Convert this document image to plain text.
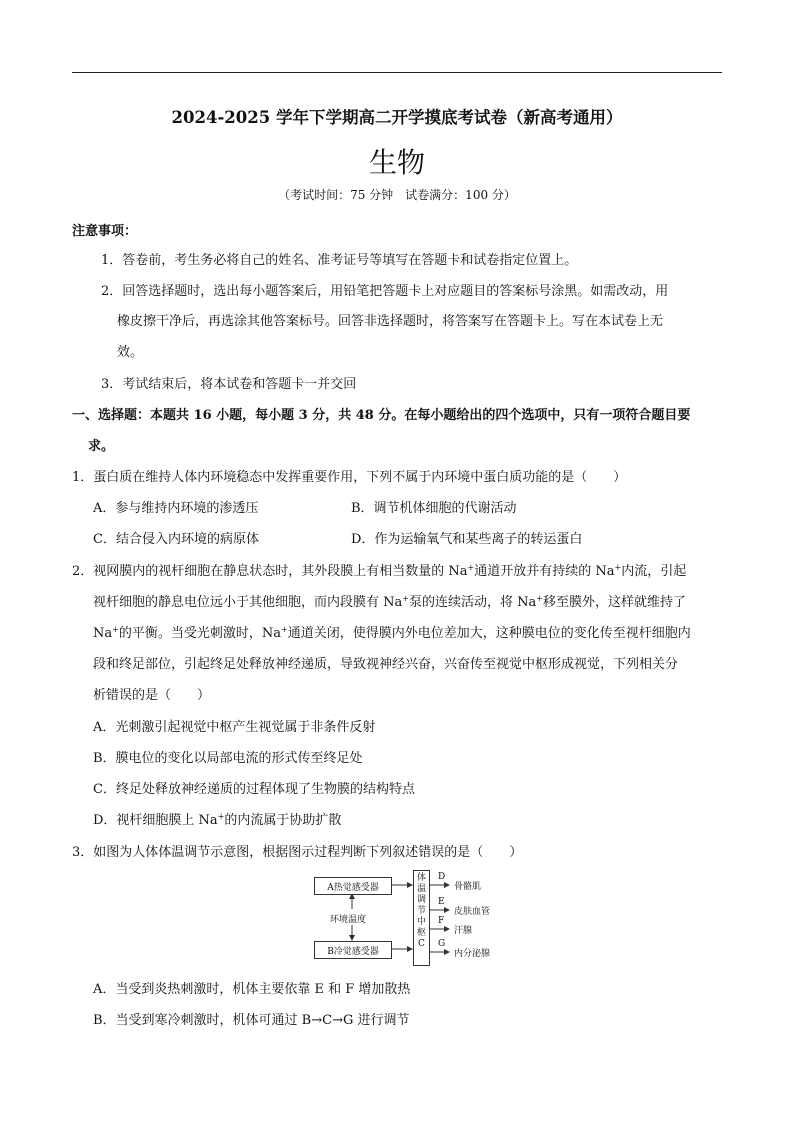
2024-2025 学年下学期高二开学摸底考试卷（新高考通用）
生物
（考试时间：75 分钟　试卷满分：100 分）
注意事项：
1．答卷前，考生务必将自己的姓名、准考证号等填写在答题卡和试卷指定位置上。
2．回答选择题时，选出每小题答案后，用铅笔把答题卡上对应题目的答案标号涂黑。如需改动，用
橡皮擦干净后，再选涂其他答案标号。回答非选择题时，将答案写在答题卡上。写在本试卷上无
效。
3．考试结束后，将本试卷和答题卡一并交回
一、选择题：本题共 16 小题，每小题 3 分，共 48 分。在每小题给出的四个选项中，只有一项符合题目要
求。
1．蛋白质在维持人体内环境稳态中发挥重要作用，下列不属于内环境中蛋白质功能的是（　　）
A．参与维持内环境的渗透压	B．调节机体细胞的代谢活动
C．结合侵入内环境的病原体	D．作为运输氧气和某些离子的转运蛋白
2．视网膜内的视杆细胞在静息状态时，其外段膜上有相当数量的 Na+通道开放并有持续的 Na+内流，引起
视杆细胞的静息电位远小于其他细胞，而内段膜有 Na+泵的连续活动，将 Na+移至膜外，这样就维持了
Na+的平衡。当受光刺激时，Na+通道关闭，使得膜内外电位差加大，这种膜电位的变化传至视杆细胞内
段和终足部位，引起终足处释放神经递质，导致视神经兴奋，兴奋传至视觉中枢形成视觉，下列相关分
析错误的是（　　）
A．光刺激引起视觉中枢产生视觉属于非条件反射
B．膜电位的变化以局部电流的形式传至终足处
C．终足处释放神经递质的过程体现了生物膜的结构特点
D．视杆细胞膜上 Na+的内流属于协助扩散
3．如图为人体体温调节示意图，根据图示过程判断下列叙述错误的是（　　）
A热觉感受器
环境温度
B冷觉感受器
体
温
调
节
中
枢
C
D
E
F
G
骨骼肌
皮肤血管
汗腺
内分泌腺
A．当受到炎热刺激时，机体主要依靠 E 和 F 增加散热
B．当受到寒冷刺激时，机体可通过 B→C→G 进行调节
